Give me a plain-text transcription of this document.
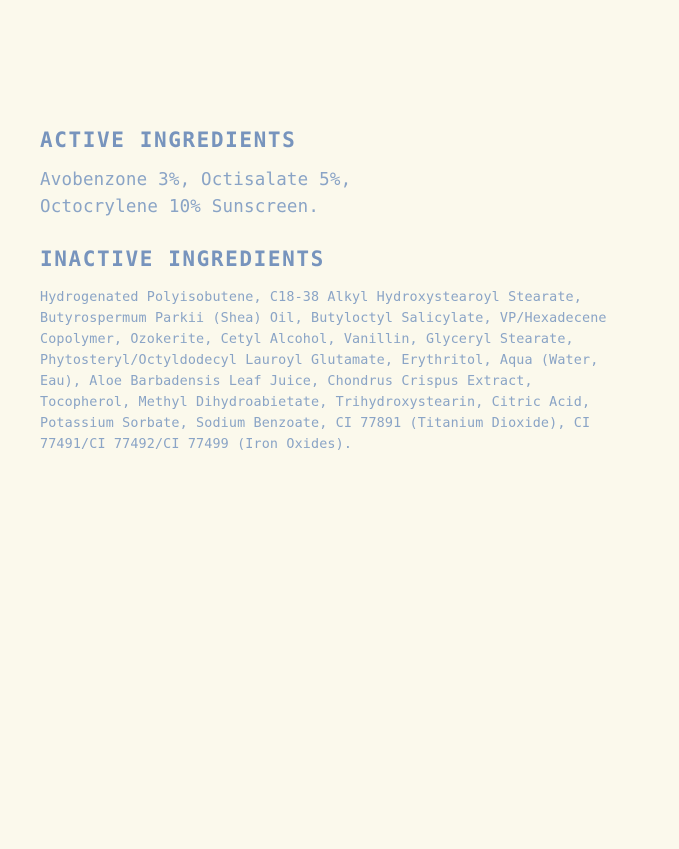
ACTIVE INGREDIENTS

Avobenzone 3%, Octisalate 5%, Octocrylene 10% Sunscreen.

INACTIVE INGREDIENTS

Hydrogenated Polyisobutene, C18-38 Alkyl Hydroxystearoyl Stearate, Butyrospermum Parkii (Shea) Oil, Butyloctyl Salicylate, VP/Hexadecene Copolymer, Ozokerite, Cetyl Alcohol, Vanillin, Glyceryl Stearate, Phytosteryl/Octyldodecyl Lauroyl Glutamate, Erythritol, Aqua (Water, Eau), Aloe Barbadensis Leaf Juice, Chondrus Crispus Extract, Tocopherol, Methyl Dihydroabietate, Trihydroxystearin, Citric Acid, Potassium Sorbate, Sodium Benzoate, CI 77891 (Titanium Dioxide), CI 77491/CI 77492/CI 77499 (Iron Oxides).
